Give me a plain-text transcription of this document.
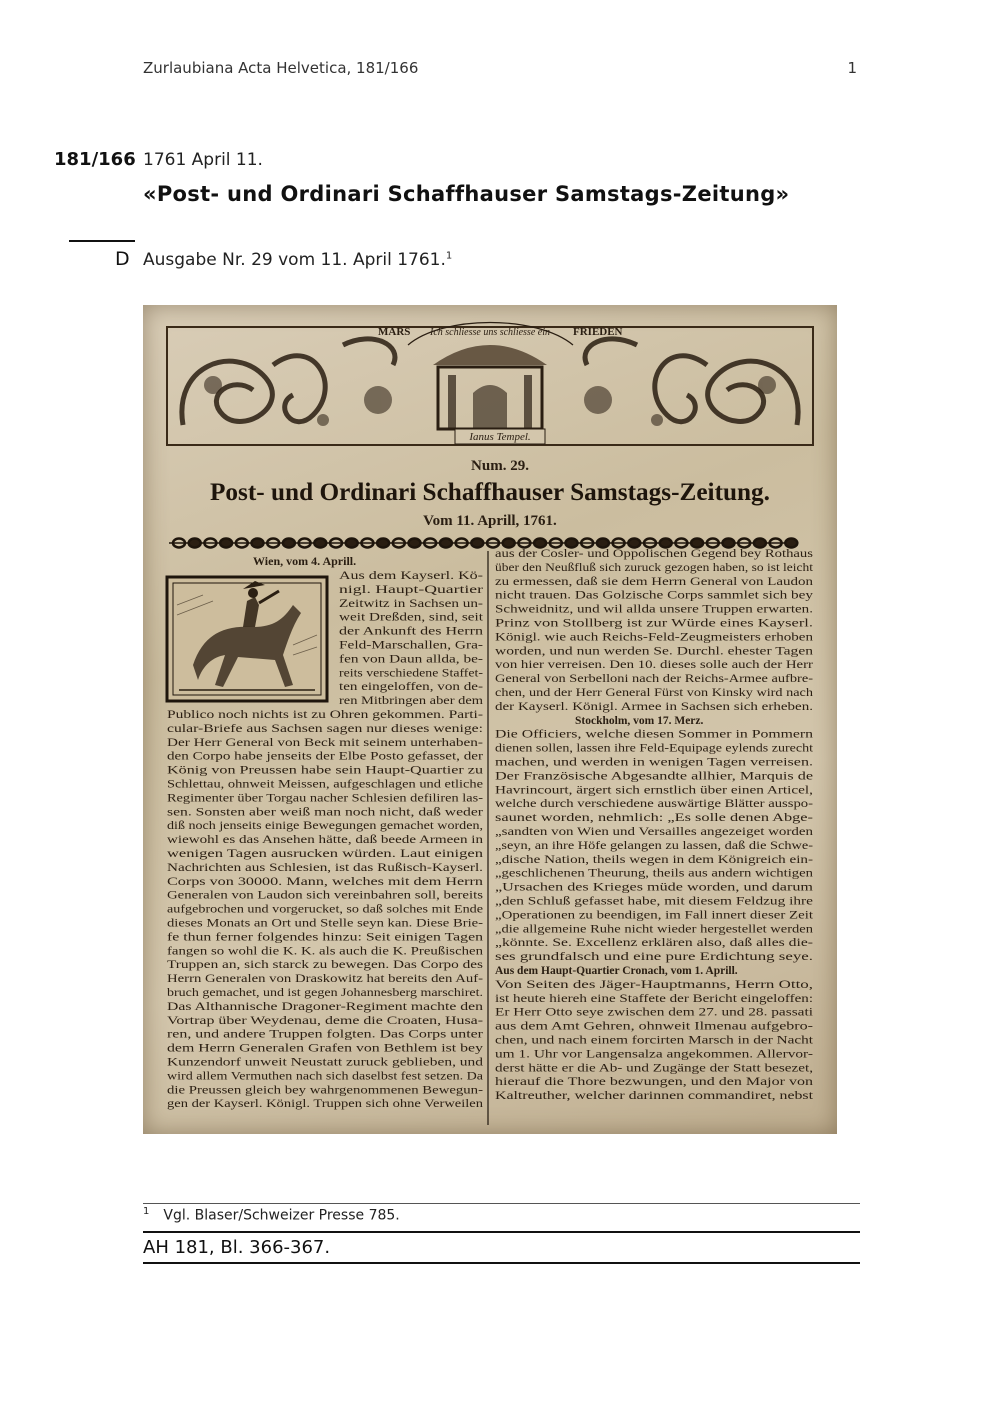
Zurlaubiana Acta Helvetica, 181/166	1
181/166 1761 April 11.
«Post- und Ordinari Schaffhauser Samstags-Zeitung»
D Ausgabe Nr. 29 vom 11. April 1761.$^1$
MARS Ich schliesse uns schliesse ein FRIEDEN
Ianus Tempel.
Num. 29.
Post- und Ordinari Schaffhauser Samstags-Zeitung.
Vom 11. Aprill, 1761.
Wien, vom 4. Aprill.
Aus dem Kayserl. Kö-
nigl. Haupt-Quartier
Zeitwitz in Sachsen un-
weit Dreßden, sind, seit
der Ankunft des Herrn
Feld-Marschallen, Gra-
fen von Daun allda, be-
reits verschiedene Staffet-
ten eingeloffen, von de-
ren Mitbringen aber dem
Publico noch nichts ist zu Ohren gekommen. Parti-
cular-Briefe aus Sachsen sagen nur dieses wenige:
Der Herr General von Beck mit seinem unterhaben-
den Corpo habe jenseits der Elbe Posto gefasset, der
König von Preussen habe sein Haupt-Quartier zu
Schlettau, ohnweit Meissen, aufgeschlagen und etliche
Regimenter über Torgau nacher Schlesien defiliren las-
sen. Sonsten aber weiß man noch nicht, daß weder
diß noch jenseits einige Bewegungen gemachet worden,
wiewohl es das Ansehen hätte, daß beede Armeen in
wenigen Tagen ausrucken würden. Laut einigen
Nachrichten aus Schlesien, ist das Rußisch-Kayserl.
Corps von 30000. Mann, welches mit dem Herrn
Generalen von Laudon sich vereinbahren soll, bereits
aufgebrochen und vorgerucket, so daß solches mit Ende
dieses Monats an Ort und Stelle seyn kan. Diese Brie-
fe thun ferner folgendes hinzu: Seit einigen Tagen
fangen so wohl die K. K. als auch die K. Preußischen
Truppen an, sich starck zu bewegen. Das Corpo des
Herrn Generalen von Draskowitz hat bereits den Auf-
bruch gemachet, und ist gegen Johannesberg marschiret.
Das Althannische Dragoner-Regiment machte den
Vortrap über Weydenau, deme die Croaten, Husa-
ren, und andere Truppen folgten. Das Corps unter
dem Herrn Generalen Grafen von Bethlem ist bey
Kunzendorf unweit Neustatt zuruck geblieben, und
wird allem Vermuthen nach sich daselbst fest setzen. Da
die Preussen gleich bey wahrgenommenen Bewegun-
gen der Kayserl. Königl. Truppen sich ohne Verweilen
aus der Cosler- und Oppolischen Gegend bey Rothaus
über den Neußfluß sich zuruck gezogen haben, so ist leicht
zu ermessen, daß sie dem Herrn General von Laudon
nicht trauen. Das Golzische Corps sammlet sich bey
Schweidnitz, und wil allda unsere Truppen erwarten.
Prinz von Stollberg ist zur Würde eines Kayserl.
Königl. wie auch Reichs-Feld-Zeugmeisters erhoben
worden, und nun werden Se. Durchl. ehester Tagen
von hier verreisen. Den 10. dieses solle auch der Herr
General von Serbelloni nach der Reichs-Armee aufbre-
chen, und der Herr General Fürst von Kinsky wird nach
der Kayserl. Königl. Armee in Sachsen sich erheben.
Stockholm, vom 17. Merz.
Die Officiers, welche diesen Sommer in Pommern
dienen sollen, lassen ihre Feld-Equipage eylends zurecht
machen, und werden in wenigen Tagen verreisen.
Der Französische Abgesandte allhier, Marquis de
Havrincourt, ärgert sich ernstlich über einen Articel,
welche durch verschiedene auswärtige Blätter ausspo-
saunet worden, nehmlich: „Es solle denen Abge-
„sandten von Wien und Versailles angezeiget worden
„seyn, an ihre Höfe gelangen zu lassen, daß die Schwe-
„dische Nation, theils wegen in dem Königreich ein-
„geschlichenen Theurung, theils aus andern wichtigen
„Ursachen des Krieges müde worden, und darum
„den Schluß gefasset habe, mit diesem Feldzug ihre
„Operationen zu beendigen, im Fall innert dieser Zeit
„die allgemeine Ruhe nicht wieder hergestellet werden
„könnte. Se. Excellenz erklären also, daß alles die-
ses grundfalsch und eine pure Erdichtung seye.
Aus dem Haupt-Quartier Cronach, vom 1. Aprill.
Von Seiten des Jäger-Hauptmanns, Herrn Otto,
ist heute hiereh eine Staffete der Bericht eingeloffen:
Er Herr Otto seye zwischen dem 27. und 28. passati
aus dem Amt Gehren, ohnweit Ilmenau aufgebro-
chen, und nach einem forcirten Marsch in der Nacht
um 1. Uhr vor Langensalza angekommen. Allervor-
derst hätte er die Ab- und Zugänge der Statt besezet,
hierauf die Thore bezwungen, und den Major von
Kaltreuther, welcher darinnen commandiret, nebst
$^1$ Vgl. Blaser/Schweizer Presse 785.
AH 181, Bl. 366-367.
